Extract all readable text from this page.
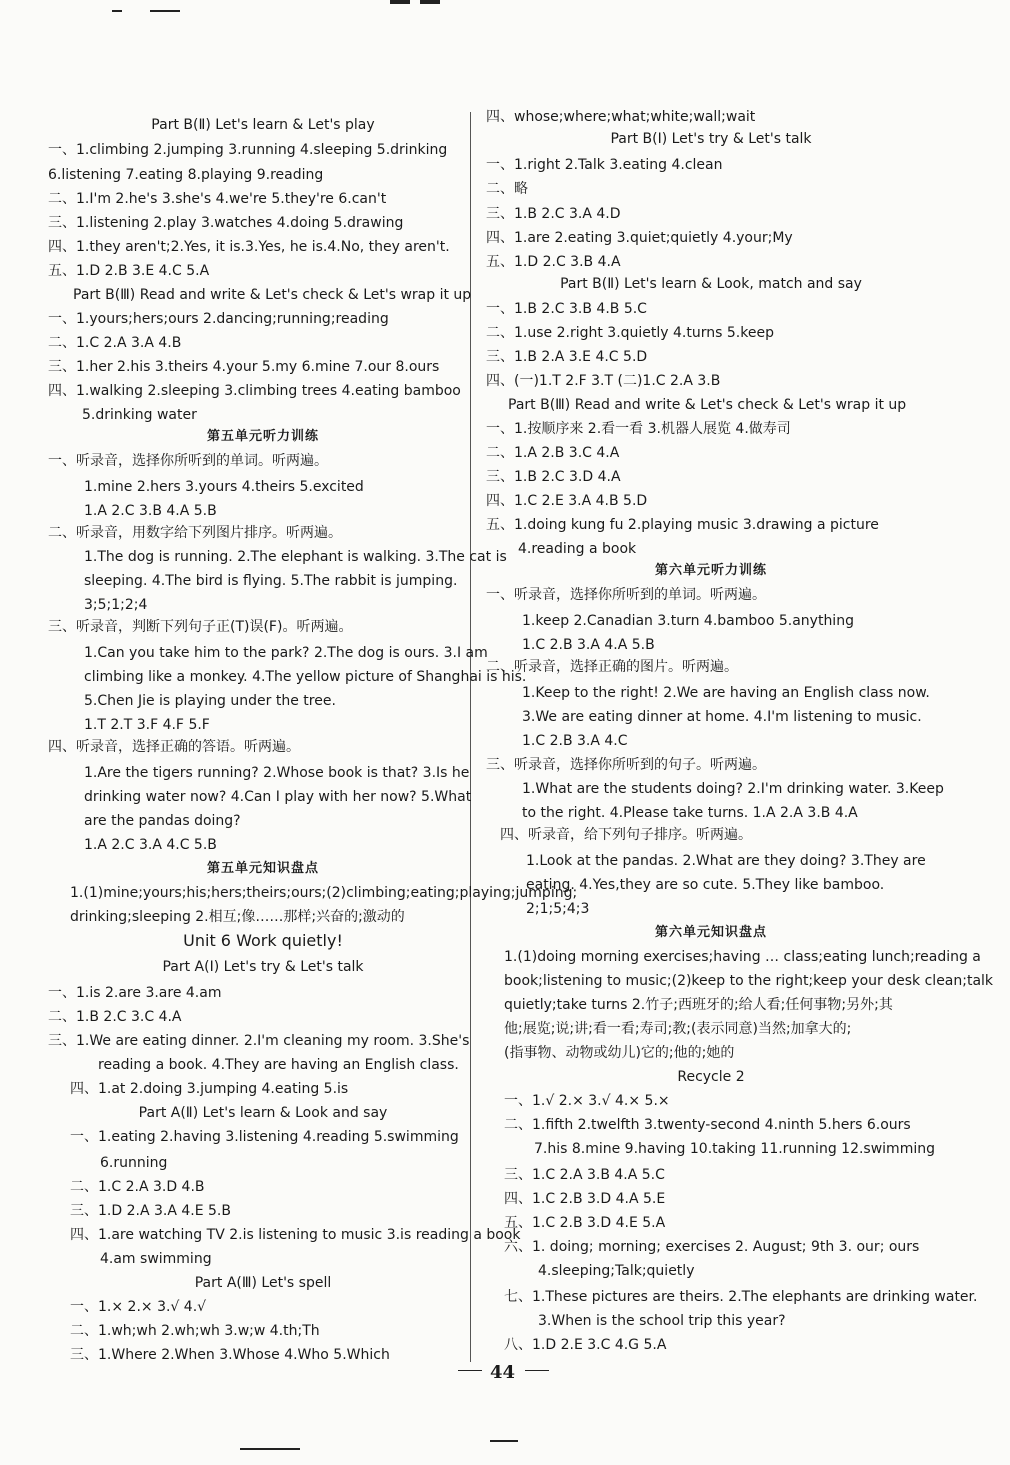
Part B(Ⅱ) Let's learn & Let's play
一、1.climbing 2.jumping 3.running 4.sleeping 5.drinking
6.listening 7.eating 8.playing 9.reading
二、1.I'm 2.he's 3.she's 4.we're 5.they're 6.can't
三、1.listening 2.play 3.watches 4.doing 5.drawing
四、1.they aren't;2.Yes, it is.3.Yes, he is.4.No, they aren't.
五、1.D 2.B 3.E 4.C 5.A
Part B(Ⅲ) Read and write & Let's check & Let's wrap it up
一、1.yours;hers;ours 2.dancing;running;reading
二、1.C 2.A 3.A 4.B
三、1.her 2.his 3.theirs 4.your 5.my 6.mine 7.our 8.ours
四、1.walking 2.sleeping 3.climbing trees 4.eating bamboo
5.drinking water
第五单元听力训练
一、听录音，选择你所听到的单词。听两遍。
1.mine 2.hers 3.yours 4.theirs 5.excited
1.A 2.C 3.B 4.A 5.B
二、听录音，用数字给下列图片排序。听两遍。
1.The dog is running. 2.The elephant is walking. 3.The cat is
sleeping. 4.The bird is flying. 5.The rabbit is jumping.
3;5;1;2;4
三、听录音，判断下列句子正(T)误(F)。听两遍。
1.Can you take him to the park? 2.The dog is ours. 3.I am
climbing like a monkey. 4.The yellow picture of Shanghai is his.
5.Chen Jie is playing under the tree.
1.T 2.T 3.F 4.F 5.F
四、听录音，选择正确的答语。听两遍。
1.Are the tigers running? 2.Whose book is that? 3.Is he
drinking water now? 4.Can I play with her now? 5.What
are the pandas doing?
1.A 2.C 3.A 4.C 5.B
第五单元知识盘点
1.(1)mine;yours;his;hers;theirs;ours;(2)climbing;eating;playing;jumping;
drinking;sleeping 2.相互;像……那样;兴奋的;激动的
Unit 6 Work quietly!
Part A(Ⅰ) Let's try & Let's talk
一、1.is 2.are 3.are 4.am
二、1.B 2.C 3.C 4.A
三、1.We are eating dinner. 2.I'm cleaning my room. 3.She's
reading a book. 4.They are having an English class.
四、1.at 2.doing 3.jumping 4.eating 5.is
Part A(Ⅱ) Let's learn & Look and say
一、1.eating 2.having 3.listening 4.reading 5.swimming
6.running
二、1.C 2.A 3.D 4.B
三、1.D 2.A 3.A 4.E 5.B
四、1.are watching TV 2.is listening to music 3.is reading a book
4.am swimming
Part A(Ⅲ) Let's spell
一、1.× 2.× 3.√ 4.√
二、1.wh;wh 2.wh;wh 3.w;w 4.th;Th
三、1.Where 2.When 3.Whose 4.Who 5.Which
四、whose;where;what;white;wall;wait
Part B(Ⅰ) Let's try & Let's talk
一、1.right 2.Talk 3.eating 4.clean
二、略
三、1.B 2.C 3.A 4.D
四、1.are 2.eating 3.quiet;quietly 4.your;My
五、1.D 2.C 3.B 4.A
Part B(Ⅱ) Let's learn & Look, match and say
一、1.B 2.C 3.B 4.B 5.C
二、1.use 2.right 3.quietly 4.turns 5.keep
三、1.B 2.A 3.E 4.C 5.D
四、(一)1.T 2.F 3.T (二)1.C 2.A 3.B
Part B(Ⅲ) Read and write & Let's check & Let's wrap it up
一、1.按顺序来 2.看一看 3.机器人展览 4.做寿司
二、1.A 2.B 3.C 4.A
三、1.B 2.C 3.D 4.A
四、1.C 2.E 3.A 4.B 5.D
五、1.doing kung fu 2.playing music 3.drawing a picture
4.reading a book
第六单元听力训练
一、听录音，选择你所听到的单词。听两遍。
1.keep 2.Canadian 3.turn 4.bamboo 5.anything
1.C 2.B 3.A 4.A 5.B
二、听录音，选择正确的图片。听两遍。
1.Keep to the right! 2.We are having an English class now.
3.We are eating dinner at home. 4.I'm listening to music.
1.C 2.B 3.A 4.C
三、听录音，选择你所听到的句子。听两遍。
1.What are the students doing? 2.I'm drinking water. 3.Keep
to the right. 4.Please take turns. 1.A 2.A 3.B 4.A
四、听录音，给下列句子排序。听两遍。
1.Look at the pandas. 2.What are they doing? 3.They are
eating. 4.Yes,they are so cute. 5.They like bamboo.
2;1;5;4;3
第六单元知识盘点
1.(1)doing morning exercises;having … class;eating lunch;reading a
book;listening to music;(2)keep to the right;keep your desk clean;talk
quietly;take turns 2.竹子;西班牙的;给人看;任何事物;另外;其
他;展览;说;讲;看一看;寿司;教;(表示同意)当然;加拿大的;
(指事物、动物或幼儿)它的;他的;她的
Recycle 2
一、1.√ 2.× 3.√ 4.× 5.×
二、1.fifth 2.twelfth 3.twenty-second 4.ninth 5.hers 6.ours
7.his 8.mine 9.having 10.taking 11.running 12.swimming
三、1.C 2.A 3.B 4.A 5.C
四、1.C 2.B 3.D 4.A 5.E
五、1.C 2.B 3.D 4.E 5.A
六、1. doing; morning; exercises 2. August; 9th 3. our; ours
4.sleeping;Talk;quietly
七、1.These pictures are theirs. 2.The elephants are drinking water.
3.When is the school trip this year?
八、1.D 2.E 3.C 4.G 5.A
44
